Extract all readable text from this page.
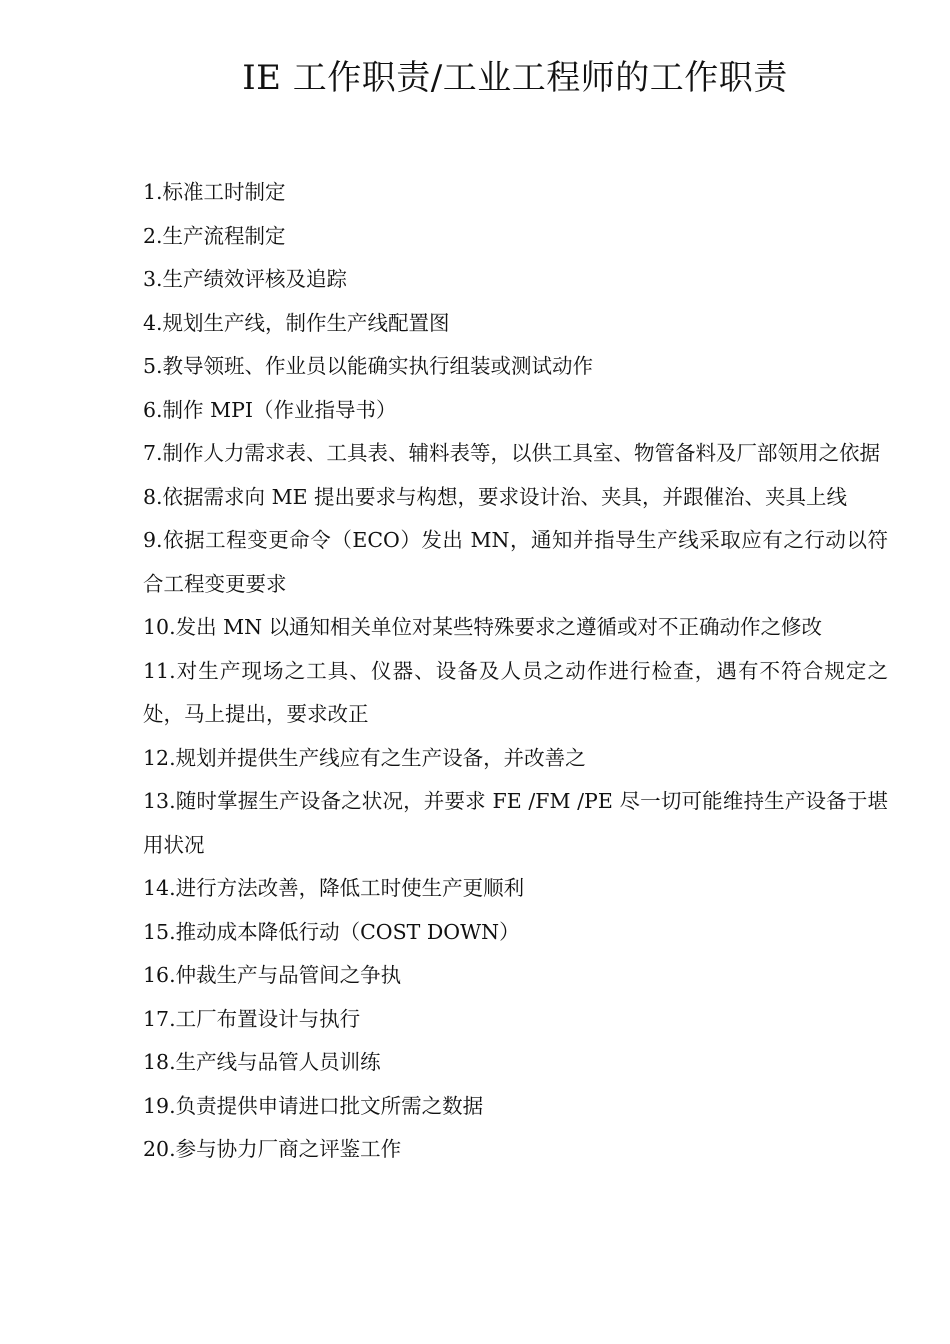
IE 工作职责/工业工程师的工作职责
1.标准工时制定
2.生产流程制定
3.生产绩效评核及追踪
4.规划生产线，制作生产线配置图
5.教导领班、作业员以能确实执行组装或测试动作
6.制作 MPI（作业指导书）
7.制作人力需求表、工具表、辅料表等，以供工具室、物管备料及厂部领用之依据
8.依据需求向 ME 提出要求与构想，要求设计治、夹具，并跟催治、夹具上线
9.依据工程变更命令（ECO）发出 MN，通知并指导生产线采取应有之行动以符合工程变更要求
10.发出 MN 以通知相关单位对某些特殊要求之遵循或对不正确动作之修改
11.对生产现场之工具、仪器、设备及人员之动作进行检查，遇有不符合规定之处，马上提出，要求改正
12.规划并提供生产线应有之生产设备，并改善之
13.随时掌握生产设备之状况，并要求 FE /FM /PE 尽一切可能维持生产设备于堪用状况
14.进行方法改善，降低工时使生产更顺利
15.推动成本降低行动（COST DOWN）
16.仲裁生产与品管间之争执
17.工厂布置设计与执行
18.生产线与品管人员训练
19.负责提供申请进口批文所需之数据
20.参与协力厂商之评鉴工作
